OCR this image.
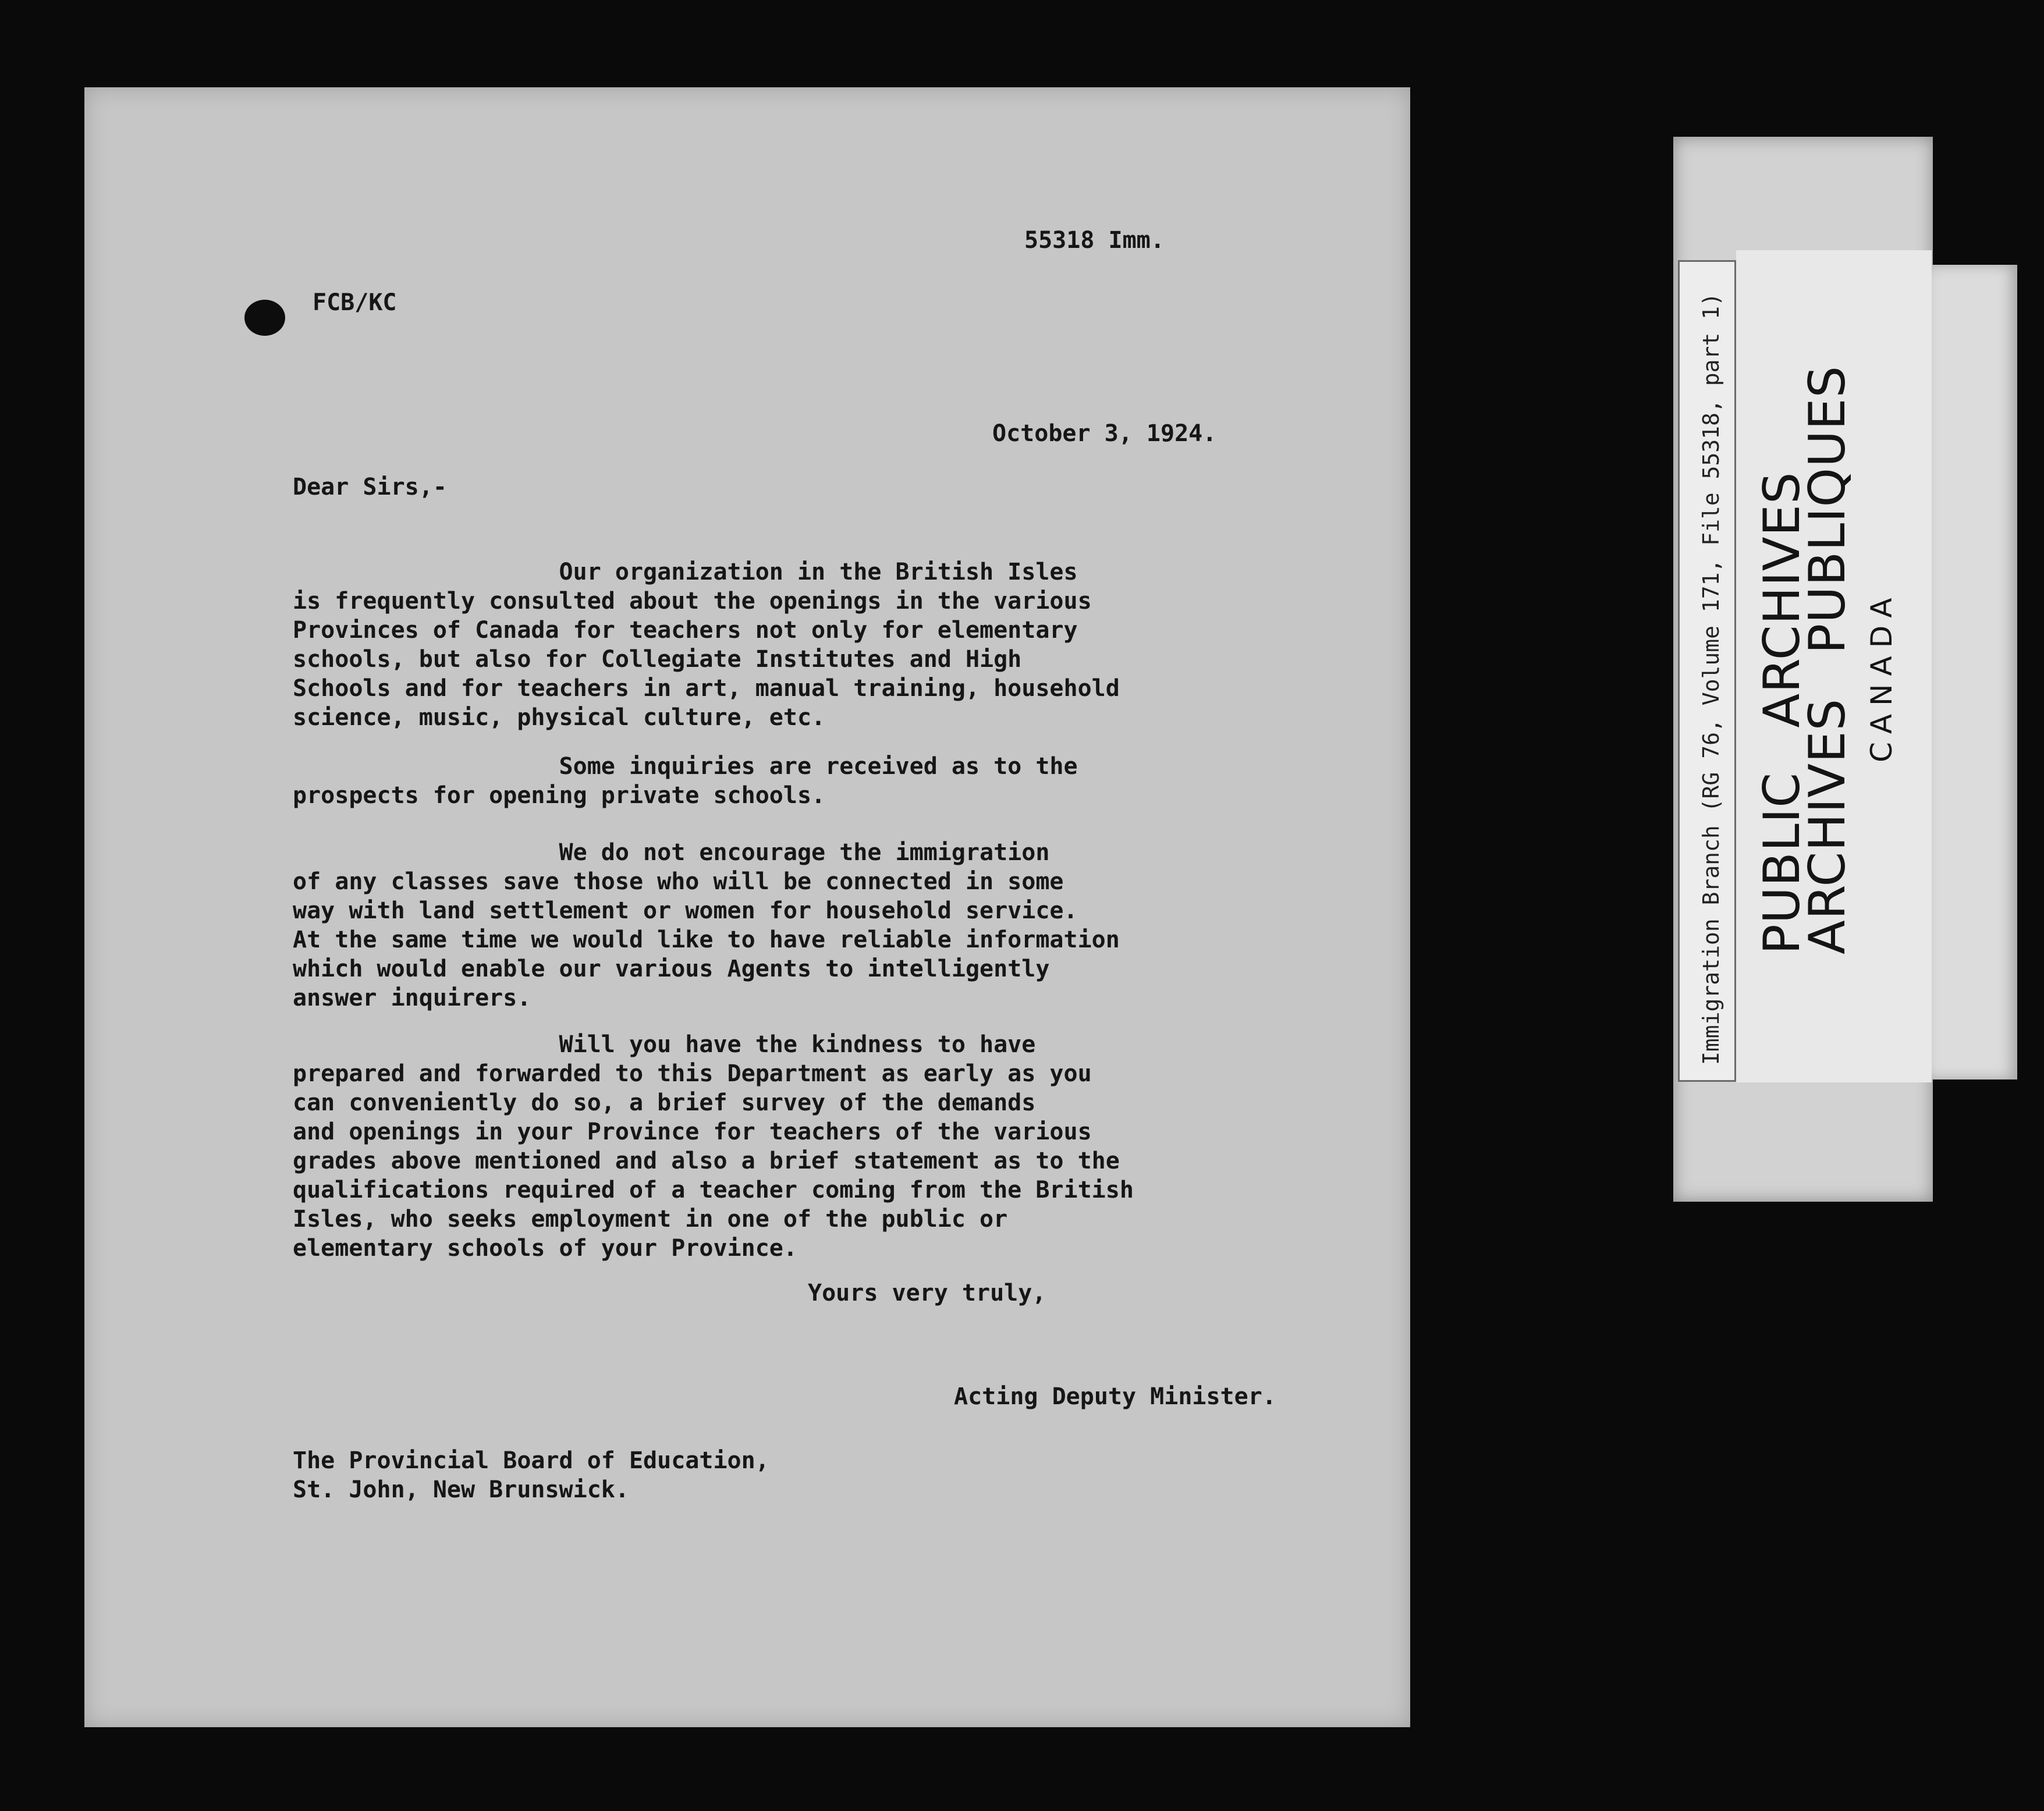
55318 Imm.
FCB/KC
October 3, 1924.
Dear Sirs,-

Our organization in the British Isles
is frequently consulted about the openings in the various
Provinces of Canada for teachers not only for elementary
schools, but also for Collegiate Institutes and High
Schools and for teachers in art, manual training, household
science, music, physical culture, etc.

Some inquiries are received as to the
prospects for opening private schools.

We do not encourage the immigration
of any classes save those who will be connected in some
way with land settlement or women for household service.
At the same time we would like to have reliable information
which would enable our various Agents to intelligently
answer inquirers.

Will you have the kindness to have
prepared and forwarded to this Department as early as you
can conveniently do so, a brief survey of the demands
and openings in your Province for teachers of the various
grades above mentioned and also a brief statement as to the
qualifications required of a teacher coming from the British
Isles, who seeks employment in one of the public or
elementary schools of your Province.

Yours very truly,
Acting Deputy Minister.

The Provincial Board of Education,
St. John, New Brunswick.

Immigration Branch (RG 76, Volume 171, File 55318, part 1) PUBLIC ARCHIVES
ARCHIVES PUBLIQUES CANADA
